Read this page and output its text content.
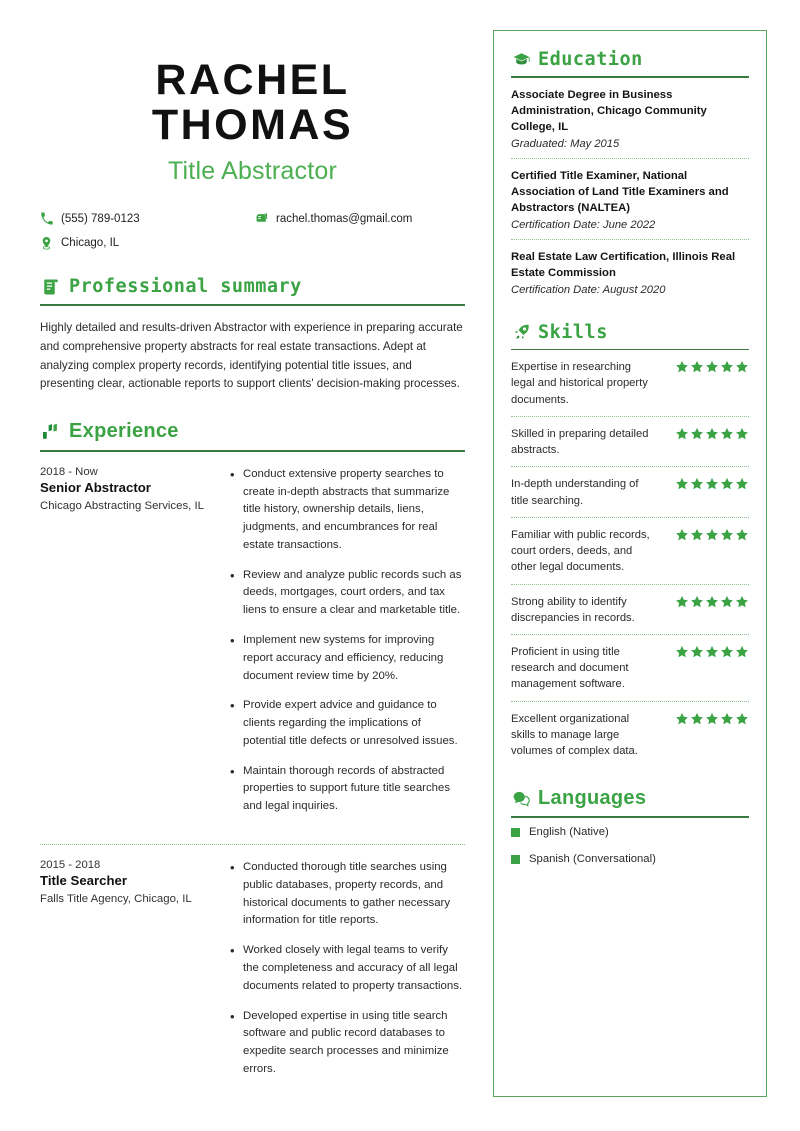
RACHEL
THOMAS
Title Abstractor
(555) 789-0123	rachel.thomas@gmail.com
Chicago, IL
Professional summary

Highly detailed and results-driven Abstractor with experience in preparing accurate and comprehensive property abstracts for real estate transactions. Adept at analyzing complex property records, identifying potential title issues, and presenting clear, actionable reports to support clients' decision-making processes.

Experience
2018 - Now
Senior Abstractor
Chicago Abstracting Services, IL
• Conduct extensive property searches to create in-depth abstracts that summarize title history, ownership details, liens, judgments, and encumbrances for real estate transactions.
• Review and analyze public records such as deeds, mortgages, court orders, and tax liens to ensure a clear and marketable title.
• Implement new systems for improving report accuracy and efficiency, reducing document review time by 20%.
• Provide expert advice and guidance to clients regarding the implications of potential title defects or unresolved issues.
• Maintain thorough records of abstracted properties to support future title searches and legal inquiries.
2015 - 2018
Title Searcher
Falls Title Agency, Chicago, IL
• Conducted thorough title searches using public databases, property records, and historical documents to gather necessary information for title reports.
• Worked closely with legal teams to verify the completeness and accuracy of all legal documents related to property transactions.
• Developed expertise in using title search software and public record databases to expedite search processes and minimize errors.
Education
Associate Degree in Business Administration, Chicago Community College, IL
Graduated: May 2015
Certified Title Examiner, National Association of Land Title Examiners and Abstractors (NALTEA)
Certification Date: June 2022
Real Estate Law Certification, Illinois Real Estate Commission
Certification Date: August 2020
Skills
Expertise in researching legal and historical property documents.
Skilled in preparing detailed abstracts.
In-depth understanding of title searching.
Familiar with public records, court orders, deeds, and other legal documents.
Strong ability to identify discrepancies in records.
Proficient in using title research and document management software.
Excellent organizational skills to manage large volumes of complex data.
Languages
English (Native)
Spanish (Conversational)
